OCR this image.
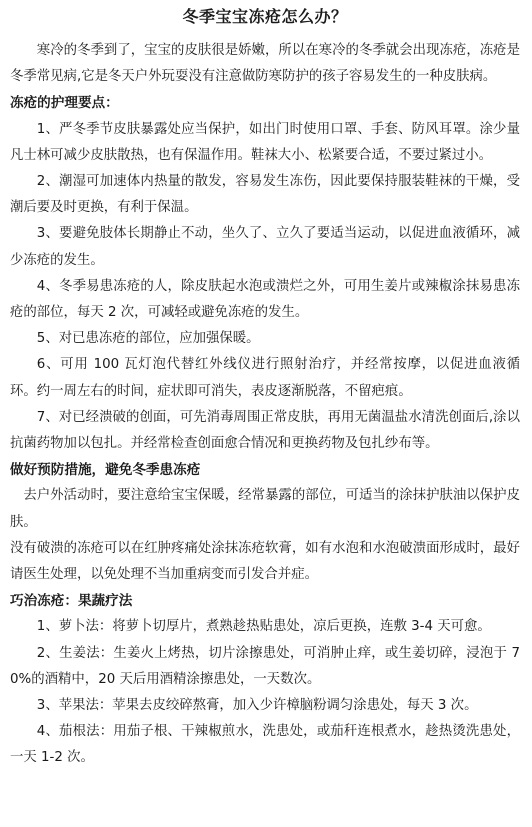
冬季宝宝冻疮怎么办？

寒冷的冬季到了，宝宝的皮肤很是娇嫩，所以在寒冷的冬季就会出现冻疮，冻疮是冬季常见病,它是冬天户外玩耍没有注意做防寒防护的孩子容易发生的一种皮肤病。

冻疮的护理要点：

1、严冬季节皮肤暴露处应当保护，如出门时使用口罩、手套、防风耳罩。涂少量凡士林可减少皮肤散热，也有保温作用。鞋袜大小、松紧要合适，不要过紧过小。

2、潮湿可加速体内热量的散发，容易发生冻伤，因此要保持服装鞋袜的干燥，受潮后要及时更换，有利于保温。

3、要避免肢体长期静止不动，坐久了、立久了要适当运动，以促进血液循环，减少冻疮的发生。

4、冬季易患冻疮的人，除皮肤起水泡或溃烂之外，可用生姜片或辣椒涂抹易患冻疮的部位，每天 2 次，可减轻或避免冻疮的发生。

5、对已患冻疮的部位，应加强保暖。

6、可用 100 瓦灯泡代替红外线仪进行照射治疗，并经常按摩，以促进血液循环。约一周左右的时间，症状即可消失，表皮逐渐脱落，不留疤痕。

7、对已经溃破的创面，可先消毒周围正常皮肤，再用无菌温盐水清洗创面后,涂以抗菌药物加以包扎。并经常检查创面愈合情况和更换药物及包扎纱布等。

做好预防措施，避免冬季患冻疮

去户外活动时，要注意给宝宝保暖，经常暴露的部位，可适当的涂抹护肤油以保护皮肤。

没有破溃的冻疮可以在红肿疼痛处涂抹冻疮软膏，如有水泡和水泡破溃面形成时，最好请医生处理，以免处理不当加重病变而引发合并症。

巧治冻疮：果蔬疗法

1、萝卜法：将萝卜切厚片，煮熟趁热贴患处，凉后更换，连敷 3-4 天可愈。

2、生姜法：生姜火上烤热，切片涂擦患处，可消肿止痒，或生姜切碎，浸泡于 70%的酒精中，20 天后用酒精涂擦患处，一天数次。

3、苹果法：苹果去皮绞碎熬膏，加入少许樟脑粉调匀涂患处，每天 3 次。

4、茄根法：用茄子根、干辣椒煎水，洗患处，或茄秆连根煮水，趁热烫洗患处，一天 1-2 次。
